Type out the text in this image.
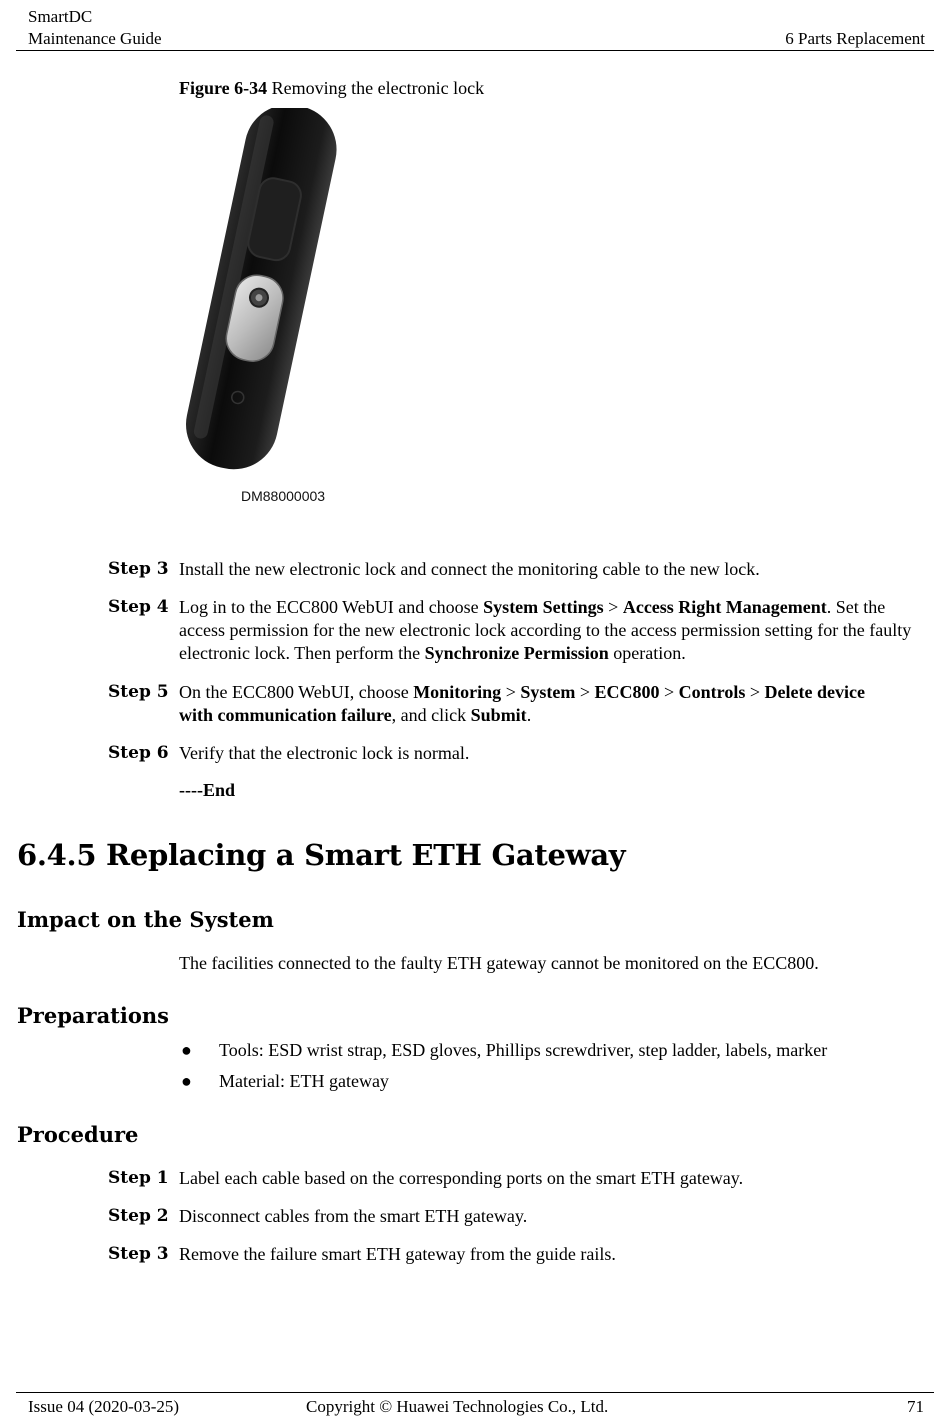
SmartDC
Maintenance Guide	6 Parts Replacement
Figure 6-34 Removing the electronic lock
DM88000003
Step 3 Install the new electronic lock and connect the monitoring cable to the new lock.
Step 4 Log in to the ECC800 WebUI and choose System Settings > Access Right Management. Set the access permission for the new electronic lock according to the access permission setting for the faulty electronic lock. Then perform the Synchronize Permission operation.
Step 5 On the ECC800 WebUI, choose Monitoring > System > ECC800 > Controls > Delete device with communication failure, and click Submit.
Step 6 Verify that the electronic lock is normal.
----End
6.4.5 Replacing a Smart ETH Gateway
Impact on the System
The facilities connected to the faulty ETH gateway cannot be monitored on the ECC800.
Preparations
● Tools: ESD wrist strap, ESD gloves, Phillips screwdriver, step ladder, labels, marker
● Material: ETH gateway
Procedure
Step 1 Label each cable based on the corresponding ports on the smart ETH gateway.
Step 2 Disconnect cables from the smart ETH gateway.
Step 3 Remove the failure smart ETH gateway from the guide rails.
Issue 04 (2020-03-25)	Copyright © Huawei Technologies Co., Ltd.	71
